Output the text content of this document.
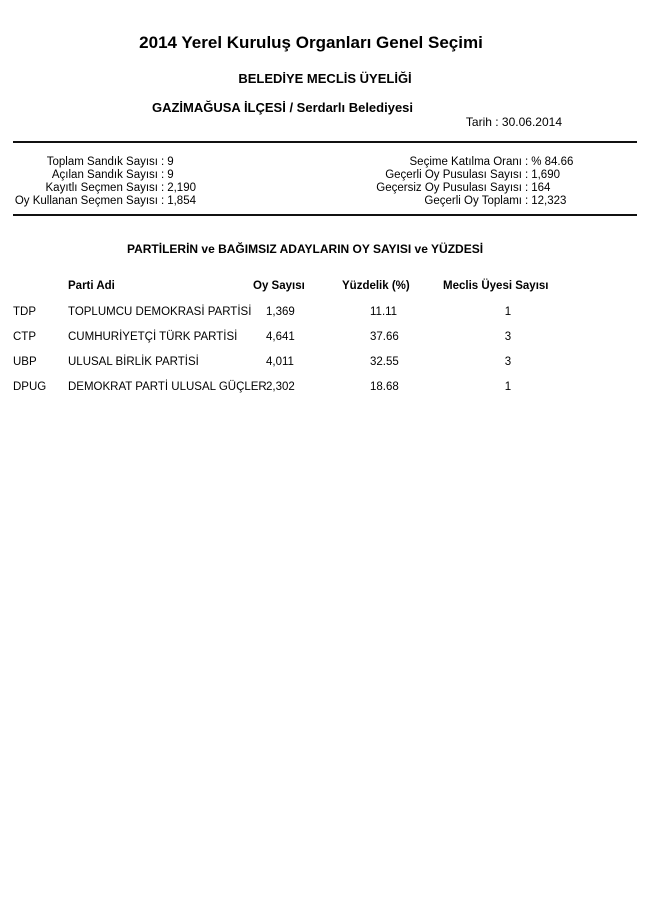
2014 Yerel Kuruluş Organları Genel Seçimi
BELEDİYE MECLİS ÜYELİĞİ
GAZİMAĞUSA İLÇESİ / Serdarlı Belediyesi
Tarih : 30.06.2014
Toplam Sandık Sayısı : 9
Açılan Sandık Sayısı : 9
Kayıtlı Seçmen Sayısı : 2,190
Oy Kullanan Seçmen Sayısı : 1,854
Seçime Katılma Oranı : % 84.66
Geçerli Oy Pusulası Sayısı : 1,690
Geçersiz Oy Pusulası Sayısı : 164
Geçerli Oy Toplamı : 12,323
PARTİLERİN ve BAĞIMSIZ ADAYLARIN OY SAYISI ve YÜZDESİ
Parti Adi	Oy Sayısı	Yüzdelik (%)	Meclis Üyesi Sayısı
TDP	TOPLUMCU DEMOKRASİ PARTİSİ 1,369	11.11	1
CTP	CUMHURİYETÇİ TÜRK PARTİSİ 4,641	37.66	3
UBP	ULUSAL BİRLİK PARTİSİ	4,011	32.55	3
DPUG DEMOKRAT PARTİ ULUSAL GÜÇLER 2,302	18.68	1
